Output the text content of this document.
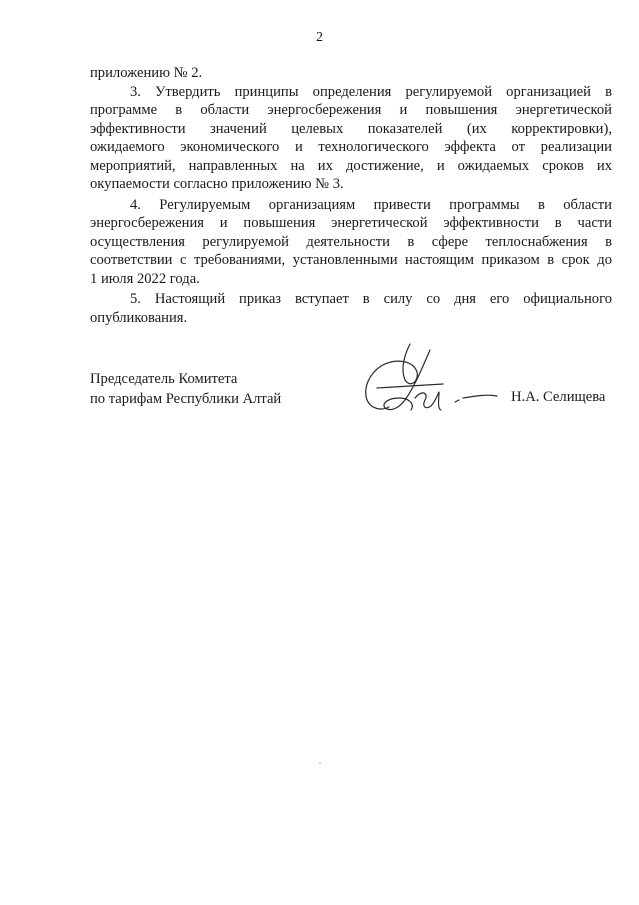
2
приложению № 2.
3. Утвердить принципы определения регулируемой организацией в
программе в области энергосбережения и повышения энергетической
эффективности значений целевых показателей (их корректировки),
ожидаемого экономического и технологического эффекта от реализации
мероприятий, направленных на их достижение, и ожидаемых сроков их
окупаемости согласно приложению № 3.
4. Регулируемым организациям привести программы в области
энергосбережения и повышения энергетической эффективности в части
осуществления регулируемой деятельности в сфере теплоснабжения в
соответствии с требованиями, установленными настоящим приказом в срок до
1 июля 2022 года.
5. Настоящий приказ вступает в силу со дня его официального
опубликования.
Председатель Комитета
по тарифам Республики Алтай	Н.А. Селищева
